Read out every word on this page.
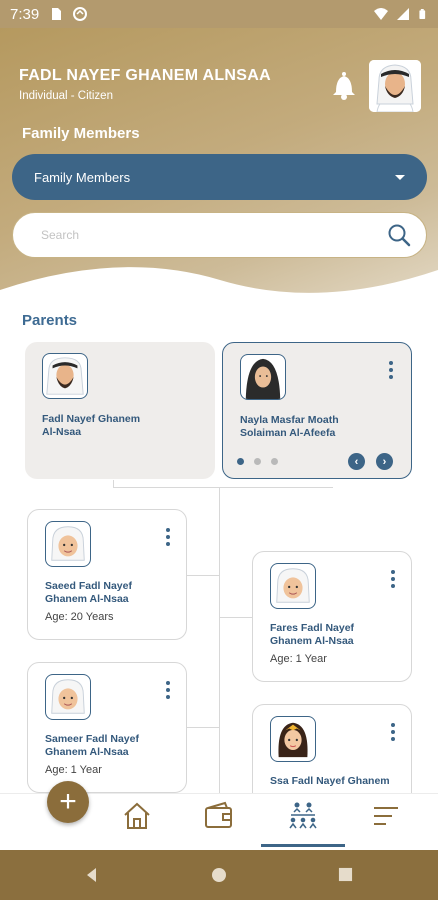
7:39
FADL NAYEF GHANEM ALNSAA
Individual - Citizen
Family Members
Family Members
Search
Parents
Fadl Nayef Ghanem
Al-Nsaa
Nayla Masfar Moath
Solaiman Al-Afeefa
‹	›
Saeed Fadl Nayef
Ghanem Al-Nsaa
Age: 20 Years
Fares Fadl Nayef
Ghanem Al-Nsaa
Age: 1 Year
Sameer Fadl Nayef
Ghanem Al-Nsaa
Age: 1 Year
Ssa Fadl Nayef Ghanem
+
